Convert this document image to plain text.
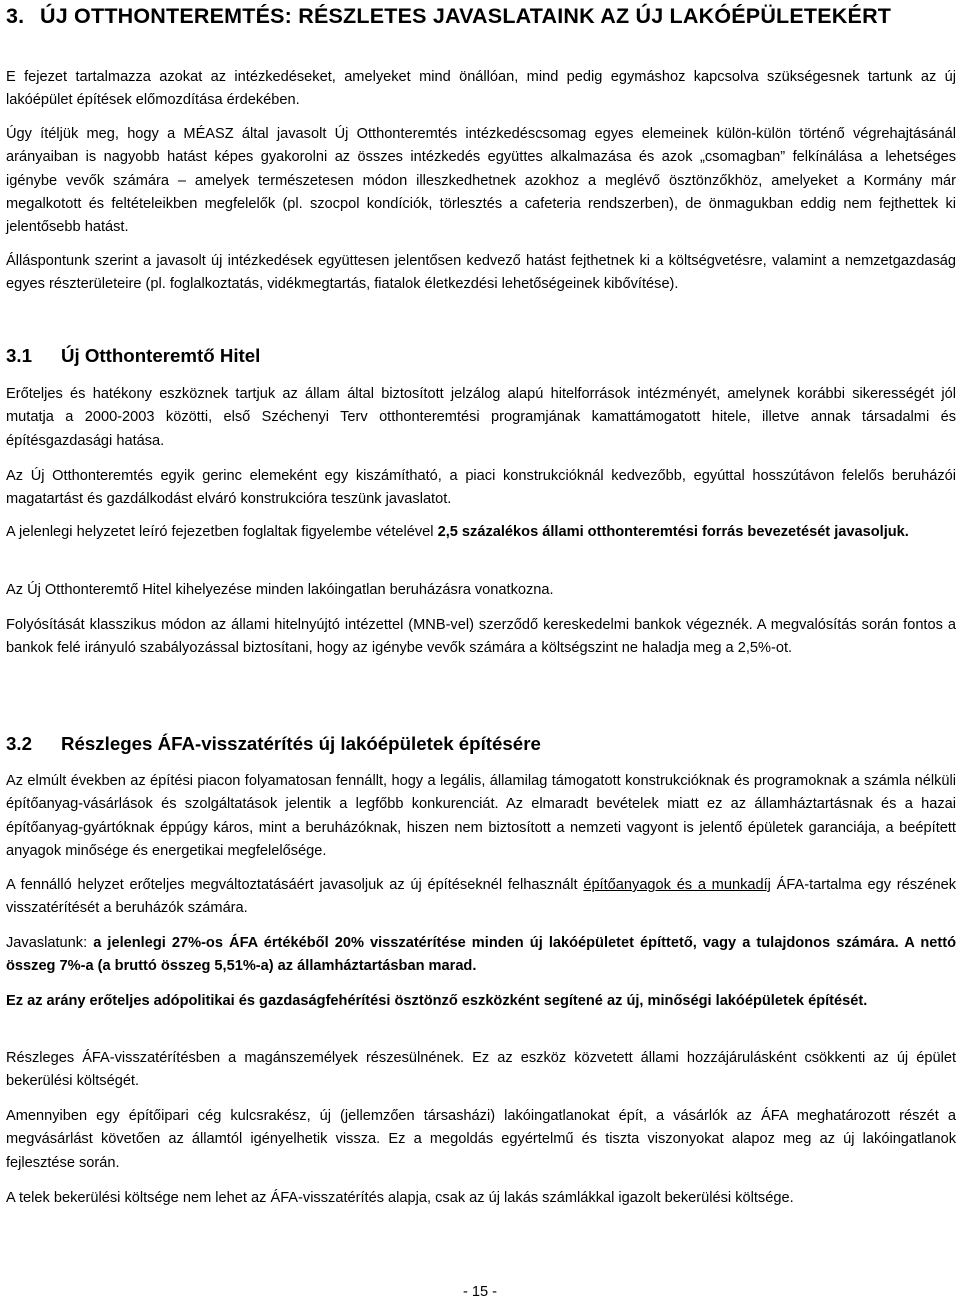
3. ÚJ OTTHONTEREMTÉS: RÉSZLETES JAVASLATAINK AZ ÚJ LAKÓÉPÜLETEKÉRT

E fejezet tartalmazza azokat az intézkedéseket, amelyeket mind önállóan, mind pedig egymáshoz kapcsolva szükségesnek tartunk az új lakóépület építések előmozdítása érdekében.

Úgy ítéljük meg, hogy a MÉASZ által javasolt Új Otthonteremtés intézkedéscsomag egyes elemeinek külön-külön történő végrehajtásánál arányaiban is nagyobb hatást képes gyakorolni az összes intézkedés együttes alkalmazása és azok „csomagban” felkínálása a lehetséges igénybe vevők számára – amelyek természetesen módon illeszkedhetnek azokhoz a meglévő ösztönzőkhöz, amelyeket a Kormány már megalkotott és feltételeikben megfelelők (pl. szocpol kondíciók, törlesztés a cafeteria rendszerben), de önmagukban eddig nem fejthettek ki jelentősebb hatást.

Álláspontunk szerint a javasolt új intézkedések együttesen jelentősen kedvező hatást fejthetnek ki a költségvetésre, valamint a nemzetgazdaság egyes részterületeire (pl. foglalkoztatás, vidékmegtartás, fiatalok életkezdési lehetőségeinek kibővítése).

3.1 Új Otthonteremtő Hitel

Erőteljes és hatékony eszköznek tartjuk az állam által biztosított jelzálog alapú hitelforrások intézményét, amelynek korábbi sikerességét jól mutatja a 2000-2003 közötti, első Széchenyi Terv otthonteremtési programjának kamattámogatott hitele, illetve annak társadalmi és építésgazdasági hatása.

Az Új Otthonteremtés egyik gerinc elemeként egy kiszámítható, a piaci konstrukcióknál kedvezőbb, egyúttal hosszútávon felelős beruházói magatartást és gazdálkodást elváró konstrukcióra teszünk javaslatot.

A jelenlegi helyzetet leíró fejezetben foglaltak figyelembe vételével 2,5 százalékos állami otthonteremtési forrás bevezetését javasoljuk.

Az Új Otthonteremtő Hitel kihelyezése minden lakóingatlan beruházásra vonatkozna.

Folyósítását klasszikus módon az állami hitelnyújtó intézettel (MNB-vel) szerződő kereskedelmi bankok végeznék. A megvalósítás során fontos a bankok felé irányuló szabályozással biztosítani, hogy az igénybe vevők számára a költségszint ne haladja meg a 2,5%-ot.

3.2 Részleges ÁFA-visszatérítés új lakóépületek építésére

Az elmúlt években az építési piacon folyamatosan fennállt, hogy a legális, államilag támogatott konstrukcióknak és programoknak a számla nélküli építőanyag-vásárlások és szolgáltatások jelentik a legfőbb konkurenciát. Az elmaradt bevételek miatt ez az államháztartásnak és a hazai építőanyag-gyártóknak éppúgy káros, mint a beruházóknak, hiszen nem biztosított a nemzeti vagyont is jelentő épületek garanciája, a beépített anyagok minősége és energetikai megfelelősége.

A fennálló helyzet erőteljes megváltoztatásáért javasoljuk az új építéseknél felhasznált építőanyagok és a munkadíj ÁFA-tartalma egy részének visszatérítését a beruházók számára.

Javaslatunk: a jelenlegi 27%-os ÁFA értékéből 20% visszatérítése minden új lakóépületet építtető, vagy a tulajdonos számára. A nettó összeg 7%-a (a bruttó összeg 5,51%-a) az államháztartásban marad.

Ez az arány erőteljes adópolitikai és gazdaságfehérítési ösztönző eszközként segítené az új, minőségi lakóépületek építését.

Részleges ÁFA-visszatérítésben a magánszemélyek részesülnének. Ez az eszköz közvetett állami hozzájárulásként csökkenti az új épület bekerülési költségét.

Amennyiben egy építőipari cég kulcsrakész, új (jellemzően társasházi) lakóingatlanokat épít, a vásárlók az ÁFA meghatározott részét a megvásárlást követően az államtól igényelhetik vissza. Ez a megoldás egyértelmű és tiszta viszonyokat alapoz meg az új lakóingatlanok fejlesztése során.

A telek bekerülési költsége nem lehet az ÁFA-visszatérítés alapja, csak az új lakás számlákkal igazolt bekerülési költsége.

- 15 -
